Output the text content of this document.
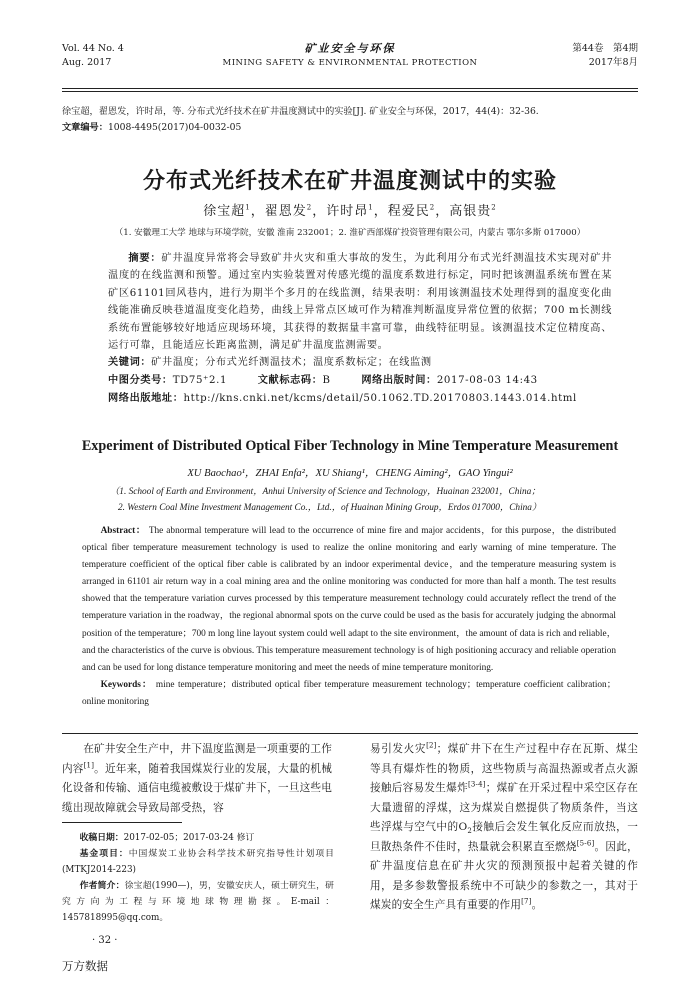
Vol. 44 No. 4
Aug. 2017
矿业安全与环保
MINING SAFETY & ENVIRONMENTAL PROTECTION
第44卷　第4期
2017年8月
徐宝超，翟恩发，许时昂，等. 分布式光纤技术在矿井温度测试中的实验[J]. 矿业安全与环保，2017，44(4)：32-36.
文章编号：1008-4495(2017)04-0032-05
分布式光纤技术在矿井温度测试中的实验
徐宝超$^1$，翟恩发$^2$，许时昂$^1$，程爱民$^2$，高银贵$^2$
（1. 安徽理工大学 地球与环境学院，安徽 淮南 232001；2. 淮矿西部煤矿投资管理有限公司，内蒙古 鄂尔多斯 017000）

摘要：矿井温度异常将会导致矿井火灾和重大事故的发生，为此利用分布式光纤测温技术实现对矿井温度的在线监测和预警。通过室内实验装置对传感光缆的温度系数进行标定，同时把该测温系统布置在某矿区61101回风巷内，进行为期半个多月的在线监测，结果表明：利用该测温技术处理得到的温度变化曲线能准确反映巷道温度变化趋势，曲线上异常点区域可作为精准判断温度异常位置的依据；700 m长测线系统布置能够较好地适应现场环境，其获得的数据量丰富可靠，曲线特征明显。该测温技术定位精度高、运行可靠，且能适应长距离监测，满足矿井温度监测需要。

关键词：矿井温度；分布式光纤测温技术；温度系数标定；在线监测

中图分类号：TD75⁺2.1	文献标志码：B	网络出版时间：2017-08-03 14:43

网络出版地址：http://kns.cnki.net/kcms/detail/50.1062.TD.20170803.1443.014.html

Experiment of Distributed Optical Fiber Technology in Mine Temperature Measurement
XU Baochao¹，ZHAI Enfa²，XU Shiang¹，CHENG Aiming²，GAO Yingui²
（1. School of Earth and Environment，Anhui University of Science and Technology，Huainan 232001，China；
2. Western Coal Mine Investment Management Co.，Ltd.，of Huainan Mining Group，Erdos 017000，China）

Abstract： The abnormal temperature will lead to the occurrence of mine fire and major accidents，for this purpose，the distributed optical fiber temperature measurement technology is used to realize the online monitoring and early warning of mine temperature. The temperature coefficient of the optical fiber cable is calibrated by an indoor experimental device，and the temperature measuring system is arranged in 61101 air return way in a coal mining area and the online monitoring was conducted for more than half a month. The test results showed that the temperature variation curves processed by this temperature measurement technology could accurately reflect the trend of the temperature variation in the roadway，the regional abnormal spots on the curve could be used as the basis for accurately judging the abnormal position of the temperature；700 m long line layout system could well adapt to the site environment，the amount of data is rich and reliable，and the characteristics of the curve is obvious. This temperature measurement technology is of high positioning accuracy and reliable operation and can be used for long distance temperature monitoring and meet the needs of mine temperature monitoring.

Keywords： mine temperature；distributed optical fiber temperature measurement technology；temperature coefficient calibration；online monitoring

在矿井安全生产中，井下温度监测是一项重要的工作内容[1]。近年来，随着我国煤炭行业的发展，大量的机械化设备和传输、通信电缆被敷设于煤矿井下，一旦这些电缆出现故障就会导致局部受热，容

易引发火灾[2]；煤矿井下在生产过程中存在瓦斯、煤尘等具有爆炸性的物质，这些物质与高温热源或者点火源接触后容易发生爆炸[3-4]；煤矿在开采过程中采空区存在大量遗留的浮煤，这为煤炭自燃提供了物质条件，当这些浮煤与空气中的$O_2$接触后会发生氧化反应而放热，一旦散热条件不佳时，热量就会积累直至燃烧[5-6]。因此，矿井温度信息在矿井火灾的预测预报中起着关键的作用，是多参数警报系统中不可缺少的参数之一，其对于煤炭的安全生产具有重要的作用[7]。

收稿日期：2017-02-05；2017-03-24 修订

基金项目：中国煤炭工业协会科学技术研究指导性计划项目(MTKJ2014-223)

作者简介：徐宝超(1990—)，男，安徽安庆人，硕士研究生，研究方向为工程与环境地球物理勘探。E-mail：1457818995@qq.com。

· 32 ·
万方数据
